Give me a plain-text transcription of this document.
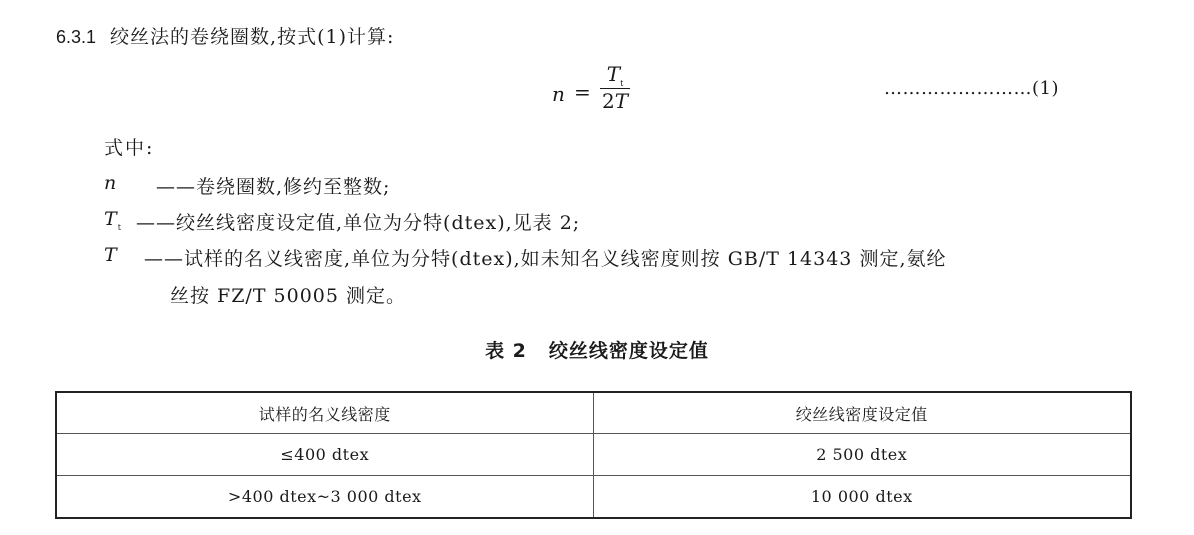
6.3.1 绞丝法的卷绕圈数,按式(1)计算:
n =
$T_t$
2T
……………………(1)
式中:
n ——卷绕圈数,修约至整数;
$T_t$ ——绞丝线密度设定值,单位为分特(dtex),见表 2;
T ——试样的名义线密度,单位为分特(dtex),如未知名义线密度则按 GB/T 14343 测定,氨纶
丝按 FZ/T 50005 测定。
表 2 绞丝线密度设定值
试样的名义线密度	绞丝线密度设定值
≤400 dtex	2 500 dtex
>400 dtex~3 000 dtex	10 000 dtex
